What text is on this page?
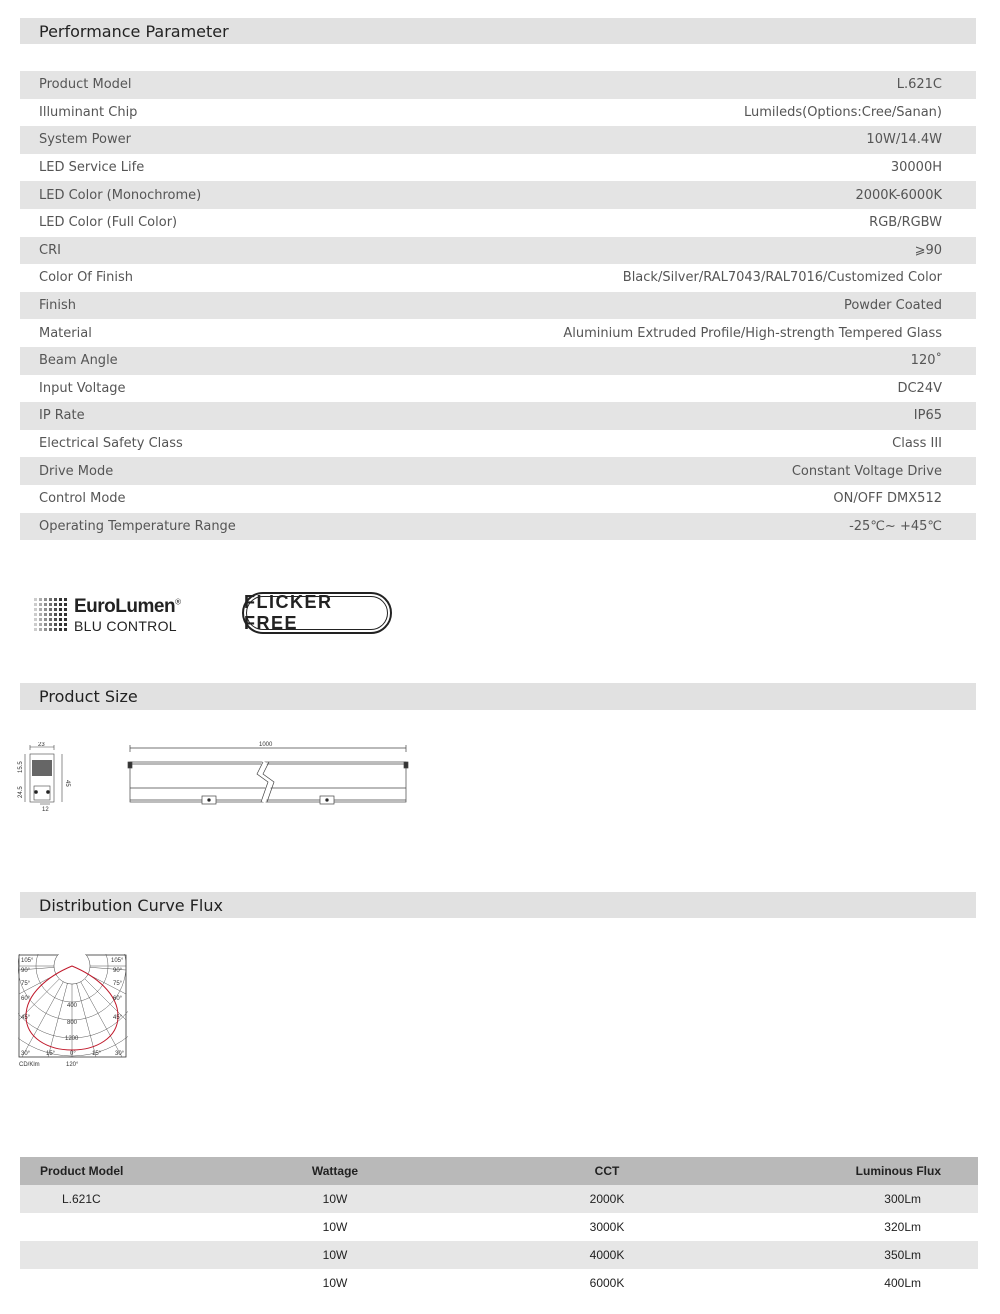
Performance Parameter
Product Model	L.621C
Illuminant Chip	Lumileds(Options:Cree/Sanan)
System Power	10W/14.4W
LED Service Life	30000H
LED Color (Monochrome)	2000K-6000K
LED Color (Full Color)	RGB/RGBW
CRI	⩾90
Color Of Finish	Black/Silver/RAL7043/RAL7016/Customized Color
Finish	Powder Coated
Material	Aluminium Extruded Profile/High-strength Tempered Glass
Beam Angle	120˚
Input Voltage	DC24V
IP Rate	IP65
Electrical Safety Class	Class III
Drive Mode	Constant Voltage Drive
Control Mode	ON/OFF DMX512
Operating Temperature Range	-25℃~ +45℃
EuroLumen®
BLU CONTROL
FLICKER FREE
Product Size
23
15.5
24.5
45
12
1000
Distribution Curve Flux
105°
90°
75°
60°
45°
105°
90°
75°
60°
45°
400
800
1200
30°	15° 0°	15° 30°
CD/Klm	120°
Product Model	Wattage	CCT	Luminous Flux
L.621C	10W	2000K	300Lm
10W	3000K	320Lm
10W	4000K	350Lm
10W	6000K	400Lm
